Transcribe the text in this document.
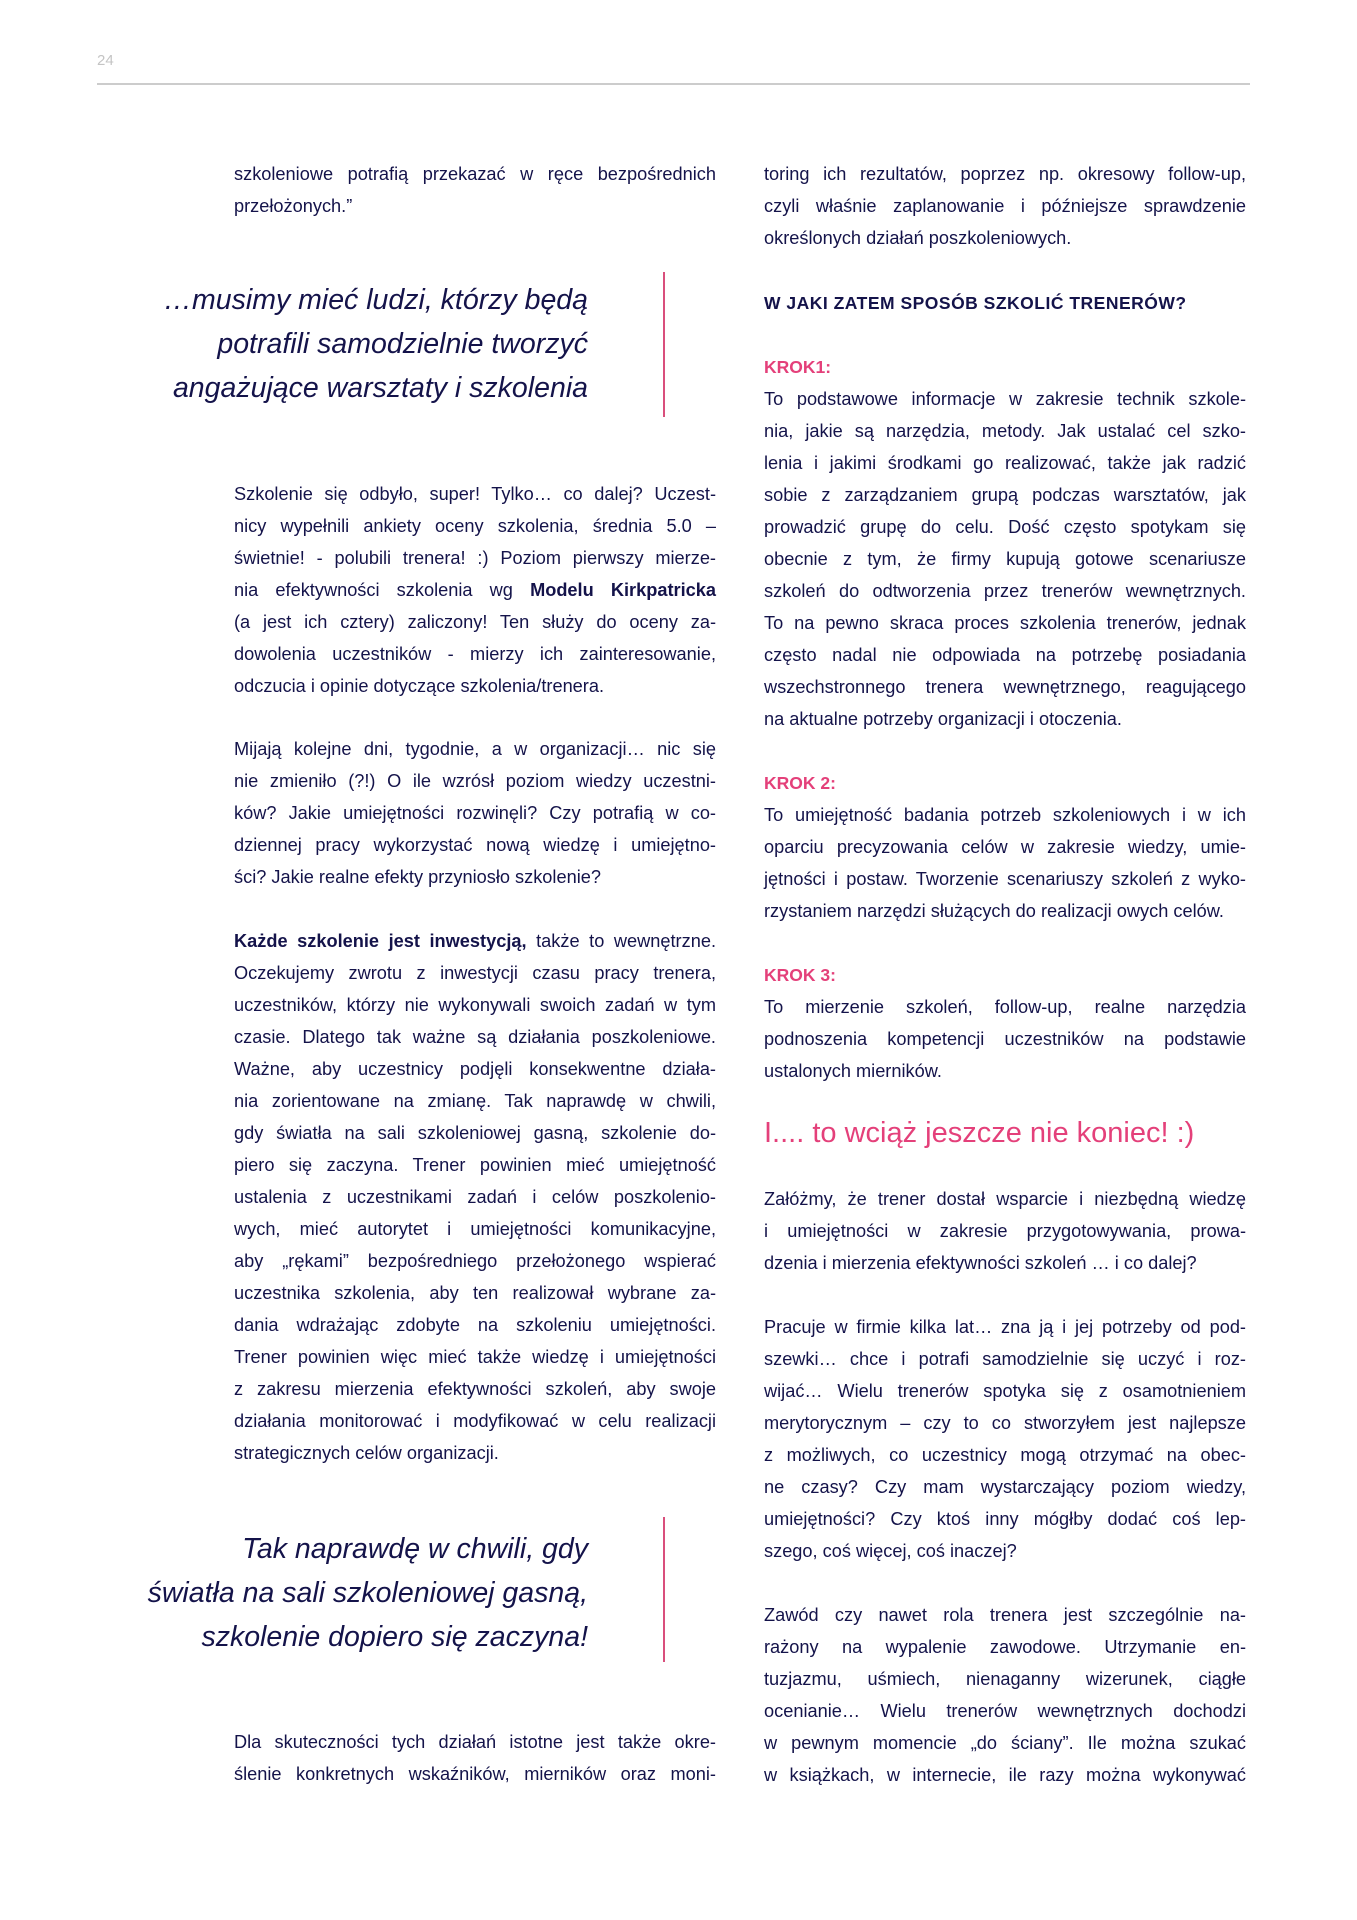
24

szkoleniowe potrafią przekazać w ręce bezpośrednich
przełożonych.”

…musimy mieć ludzi, którzy będą
potrafili samodzielnie tworzyć
angażujące warsztaty i szkolenia

Szkolenie się odbyło, super! Tylko… co dalej? Uczest-
nicy wypełnili ankiety oceny szkolenia, średnia 5.0 –
świetnie! - polubili trenera! :) Poziom pierwszy mierze-
nia efektywności szkolenia wg Modelu Kirkpatricka
(a jest ich cztery) zaliczony! Ten służy do oceny za-
dowolenia uczestników - mierzy ich zainteresowanie,
odczucia i opinie dotyczące szkolenia/trenera.

Mijają kolejne dni, tygodnie, a w organizacji… nic się
nie zmieniło (?!) O ile wzrósł poziom wiedzy uczestni-
ków? Jakie umiejętności rozwinęli? Czy potrafią w co-
dziennej pracy wykorzystać nową wiedzę i umiejętno-
ści? Jakie realne efekty przyniosło szkolenie?

Każde szkolenie jest inwestycją, także to wewnętrzne.
Oczekujemy zwrotu z inwestycji czasu pracy trenera,
uczestników, którzy nie wykonywali swoich zadań w tym
czasie. Dlatego tak ważne są działania poszkoleniowe.
Ważne, aby uczestnicy podjęli konsekwentne działa-
nia zorientowane na zmianę. Tak naprawdę w chwili,
gdy światła na sali szkoleniowej gasną, szkolenie do-
piero się zaczyna. Trener powinien mieć umiejętność
ustalenia z uczestnikami zadań i celów poszkolenio-
wych, mieć autorytet i umiejętności komunikacyjne,
aby „rękami” bezpośredniego przełożonego wspierać
uczestnika szkolenia, aby ten realizował wybrane za-
dania wdrażając zdobyte na szkoleniu umiejętności.
Trener powinien więc mieć także wiedzę i umiejętności
z zakresu mierzenia efektywności szkoleń, aby swoje
działania monitorować i modyfikować w celu realizacji
strategicznych celów organizacji.

Tak naprawdę w chwili, gdy
światła na sali szkoleniowej gasną,
szkolenie dopiero się zaczyna!

Dla skuteczności tych działań istotne jest także okre-
ślenie konkretnych wskaźników, mierników oraz moni-

toring ich rezultatów, poprzez np. okresowy follow-up,
czyli właśnie zaplanowanie i późniejsze sprawdzenie
określonych działań poszkoleniowych.

W JAKI ZATEM SPOSÓB SZKOLIĆ TRENERÓW?
KROK1:

To podstawowe informacje w zakresie technik szkole-
nia, jakie są narzędzia, metody. Jak ustalać cel szko-
lenia i jakimi środkami go realizować, także jak radzić
sobie z zarządzaniem grupą podczas warsztatów, jak
prowadzić grupę do celu. Dość często spotykam się
obecnie z tym, że firmy kupują gotowe scenariusze
szkoleń do odtworzenia przez trenerów wewnętrznych.
To na pewno skraca proces szkolenia trenerów, jednak
często nadal nie odpowiada na potrzebę posiadania
wszechstronnego trenera wewnętrznego, reagującego
na aktualne potrzeby organizacji i otoczenia.

KROK 2:

To umiejętność badania potrzeb szkoleniowych i w ich
oparciu precyzowania celów w zakresie wiedzy, umie-
jętności i postaw. Tworzenie scenariuszy szkoleń z wyko-
rzystaniem narzędzi służących do realizacji owych celów.

KROK 3:

To mierzenie szkoleń, follow-up, realne narzędzia
podnoszenia kompetencji uczestników na podstawie
ustalonych mierników.

I.... to wciąż jeszcze nie koniec! :)

Załóżmy, że trener dostał wsparcie i niezbędną wiedzę
i umiejętności w zakresie przygotowywania, prowa-
dzenia i mierzenia efektywności szkoleń … i co dalej?

Pracuje w firmie kilka lat… zna ją i jej potrzeby od pod-
szewki… chce i potrafi samodzielnie się uczyć i roz-
wijać… Wielu trenerów spotyka się z osamotnieniem
merytorycznym – czy to co stworzyłem jest najlepsze
z możliwych, co uczestnicy mogą otrzymać na obec-
ne czasy? Czy mam wystarczający poziom wiedzy,
umiejętności? Czy ktoś inny mógłby dodać coś lep-
szego, coś więcej, coś inaczej?

Zawód czy nawet rola trenera jest szczególnie na-
rażony na wypalenie zawodowe. Utrzymanie en-
tuzjazmu, uśmiech, nienaganny wizerunek, ciągłe
ocenianie… Wielu trenerów wewnętrznych dochodzi
w pewnym momencie „do ściany”. Ile można szukać
w książkach, w internecie, ile razy można wykonywać
